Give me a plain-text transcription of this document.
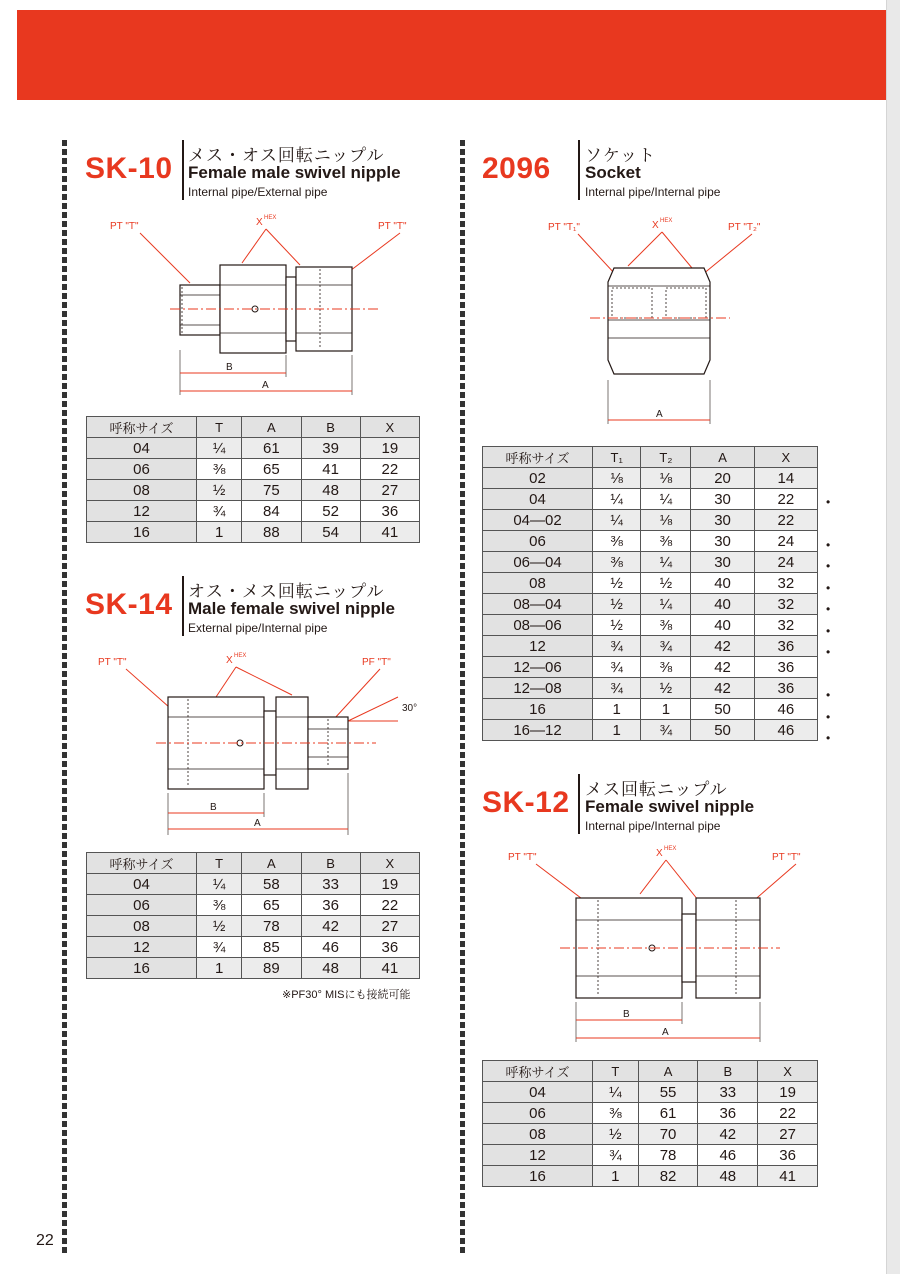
22
SK-10 メス・オス回転ニップル
Female male swivel nipple
Internal pipe/External pipe
PT "T"	X HEX
PT "T"
B
A
呼称サイズ	T	A	B	X
04	¼	61	39	19
06	⅜	65	41	22
08	½	75	48	27
12	¾	84	52	36
16	1	88	54	41
SK-14 オス・メス回転ニップル
Male female swivel nipple
External pipe/Internal pipe
PT "T"	X HEX
PF "T"
30°
B
A
呼称サイズ	T	A	B	X
04	¼	58	33	19
06	⅜	65	36	22
08	½	78	42	27
12	¾	85	46	36
16	1	89	48	41
※PF30° MISにも接続可能
2096 ソケット
Socket
Internal pipe/Internal pipe
PT "T₁"	X HEX
PT "T₂"
A
呼称サイズ	T₁	T₂	A	X
02	⅛	⅛	20	14
04	¼	¼	30	22
04—02	¼	⅛	30	22
06	⅜	⅜	30	24
06—04	⅜	¼	30	24
08	½	½	40	32
08—04	½	¼	40	32
08—06	½	⅜	40	32
12	¾	¾	42	36
12—06	¾	⅜	42	36
12—08	¾	½	42	36
16	1	1	50	46
16—12	1	¾	50	46
•
•
•
•
•
•
•
•
•
•
SK-12 メス回転ニップル
Female swivel nipple
Internal pipe/Internal pipe
PT "T"	X HEX
PT "T"
B
A
呼称サイズ	T	A	B	X
04	¼	55	33	19
06	⅜	61	36	22
08	½	70	42	27
12	¾	78	46	36
16	1	82	48	41
